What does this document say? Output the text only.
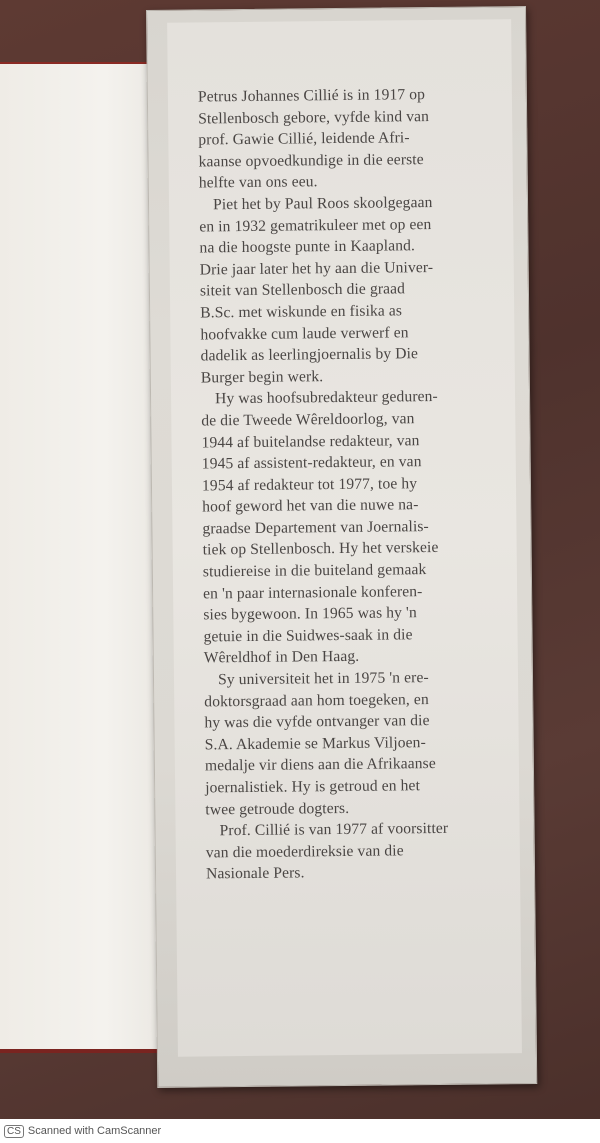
Petrus Johannes Cillié is in 1917 op
Stellenbosch gebore, vyfde kind van
prof. Gawie Cillié, leidende Afri-
kaanse opvoedkundige in die eerste
helfte van ons eeu.
Piet het by Paul Roos skoolgegaan
en in 1932 gematrikuleer met op een
na die hoogste punte in Kaapland.
Drie jaar later het hy aan die Univer-
siteit van Stellenbosch die graad
B.Sc. met wiskunde en fisika as
hoofvakke cum laude verwerf en
dadelik as leerlingjoernalis by Die
Burger begin werk.
Hy was hoofsubredakteur geduren-
de die Tweede Wêreldoorlog, van
1944 af buitelandse redakteur, van
1945 af assistent-redakteur, en van
1954 af redakteur tot 1977, toe hy
hoof geword het van die nuwe na-
graadse Departement van Joernalis-
tiek op Stellenbosch. Hy het verskeie
studiereise in die buiteland gemaak
en 'n paar internasionale konferen-
sies bygewoon. In 1965 was hy 'n
getuie in die Suidwes-saak in die
Wêreldhof in Den Haag.
Sy universiteit het in 1975 'n ere-
doktorsgraad aan hom toegeken, en
hy was die vyfde ontvanger van die
S.A. Akademie se Markus Viljoen-
medalje vir diens aan die Afrikaanse
joernalistiek. Hy is getroud en het
twee getroude dogters.
Prof. Cillié is van 1977 af voorsitter
van die moederdireksie van die
Nasionale Pers.
CS Scanned with CamScanner
